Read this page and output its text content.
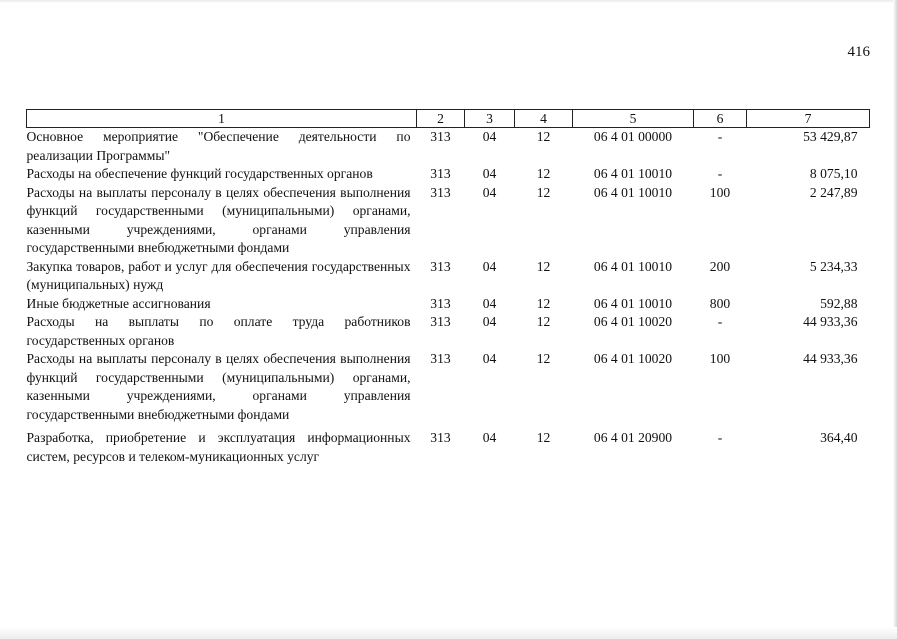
416
1	2	3	4	5	6	7
Основное мероприятие "Обеспечение деятельности по реализации Программы"	313	04	12	06 4 01 00000	-	53 429,87
Расходы на обеспечение функций государственных органов	313	04	12	06 4 01 10010	-	8 075,10
Расходы на выплаты персоналу в целях обеспечения выполнения функций государственными (муниципальными) органами, казенными учреждениями, органами управления государственными внебюджетными фондами	313	04	12	06 4 01 10010	100	2 247,89
Закупка товаров, работ и услуг для обеспечения государственных (муниципальных) нужд	313	04	12	06 4 01 10010	200	5 234,33
Иные бюджетные ассигнования	313	04	12	06 4 01 10010	800	592,88
Расходы на выплаты по оплате труда работников государственных органов	313	04	12	06 4 01 10020	-	44 933,36
Расходы на выплаты персоналу в целях обеспечения выполнения функций государственными (муниципальными) органами, казенными учреждениями, органами управления государственными внебюджетными фондами	313	04	12	06 4 01 10020	100	44 933,36
Разработка, приобретение и эксплуатация информационных систем, ресурсов и телеком-муникационных услуг	313	04	12	06 4 01 20900	-	364,40
